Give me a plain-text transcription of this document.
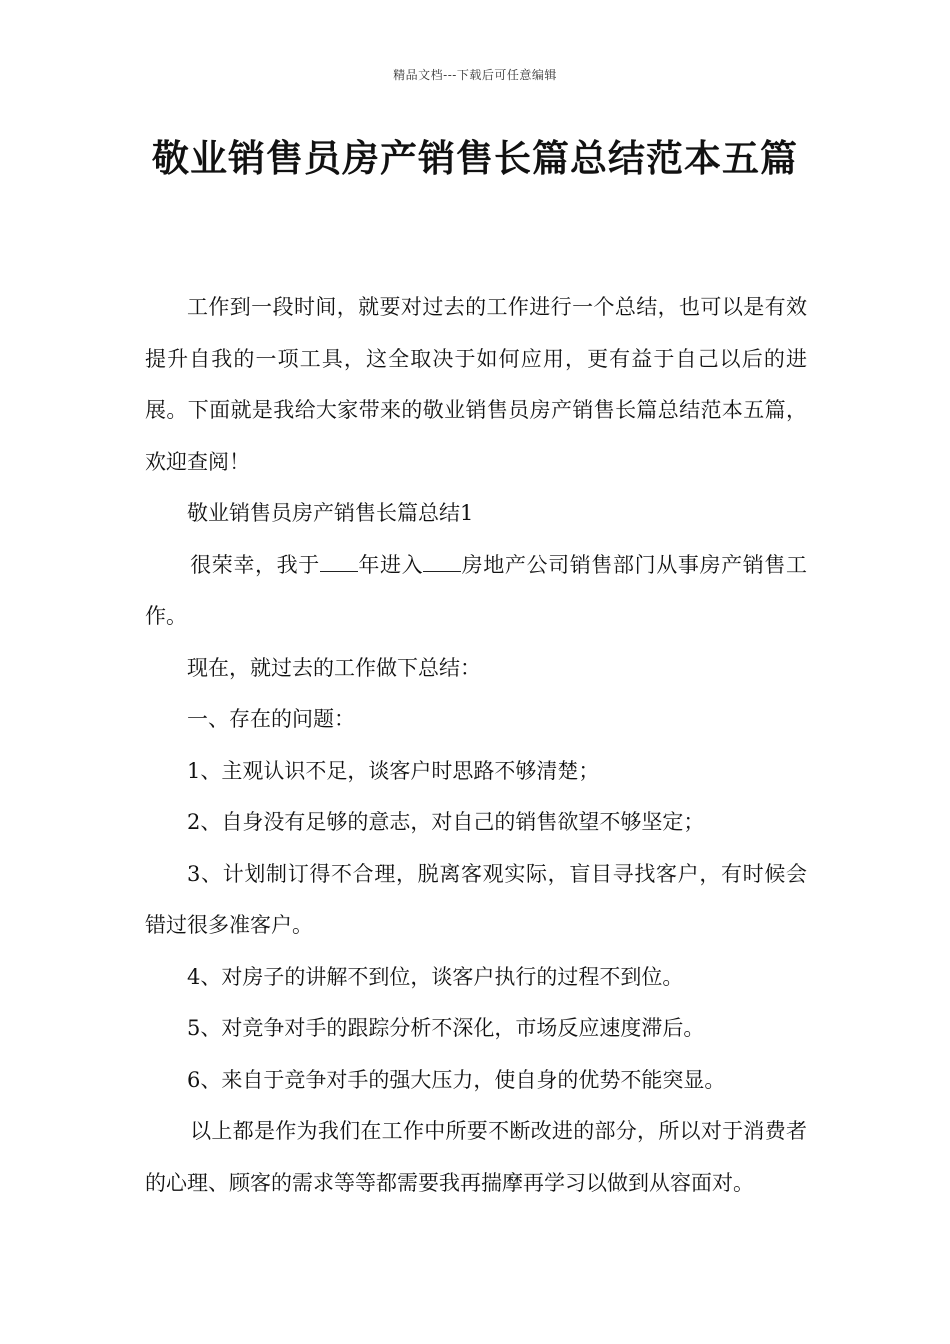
精品文档---下载后可任意编辑
敬业销售员房产销售长篇总结范本五篇

工作到一段时间，就要对过去的工作进行一个总结，也可以是有效提升自我的一项工具，这全取决于如何应用，更有益于自己以后的进展。下面就是我给大家带来的敬业销售员房产销售长篇总结范本五篇，欢迎查阅！

敬业销售员房产销售长篇总结1

很荣幸，我于 年进入 房地产公司销售部门从事房产销售工作。

现在，就过去的工作做下总结：

一、存在的问题：

1、主观认识不足，谈客户时思路不够清楚；

2、自身没有足够的意志，对自己的销售欲望不够坚定；

3、计划制订得不合理，脱离客观实际，盲目寻找客户，有时候会错过很多准客户。

4、对房子的讲解不到位，谈客户执行的过程不到位。

5、对竞争对手的跟踪分析不深化，市场反应速度滞后。

6、来自于竞争对手的强大压力，使自身的优势不能突显。

以上都是作为我们在工作中所要不断改进的部分，所以对于消费者的心理、顾客的需求等等都需要我再揣摩再学习以做到从容面对。
